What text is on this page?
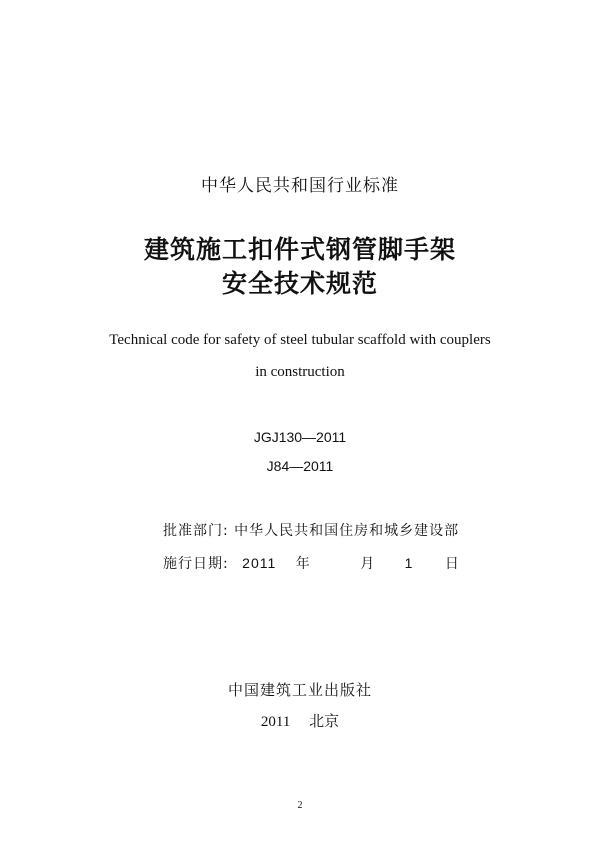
中华人民共和国行业标准
建筑施工扣件式钢管脚手架
安全技术规范
Technical code for safety of steel tubular scaffold with couplers
in construction
JGJ130—2011
J84—2011
批准部门: 中华人民共和国住房和城乡建设部
施行日期: 2011 年	月 1 日
中国建筑工业出版社
2011 北京
2
